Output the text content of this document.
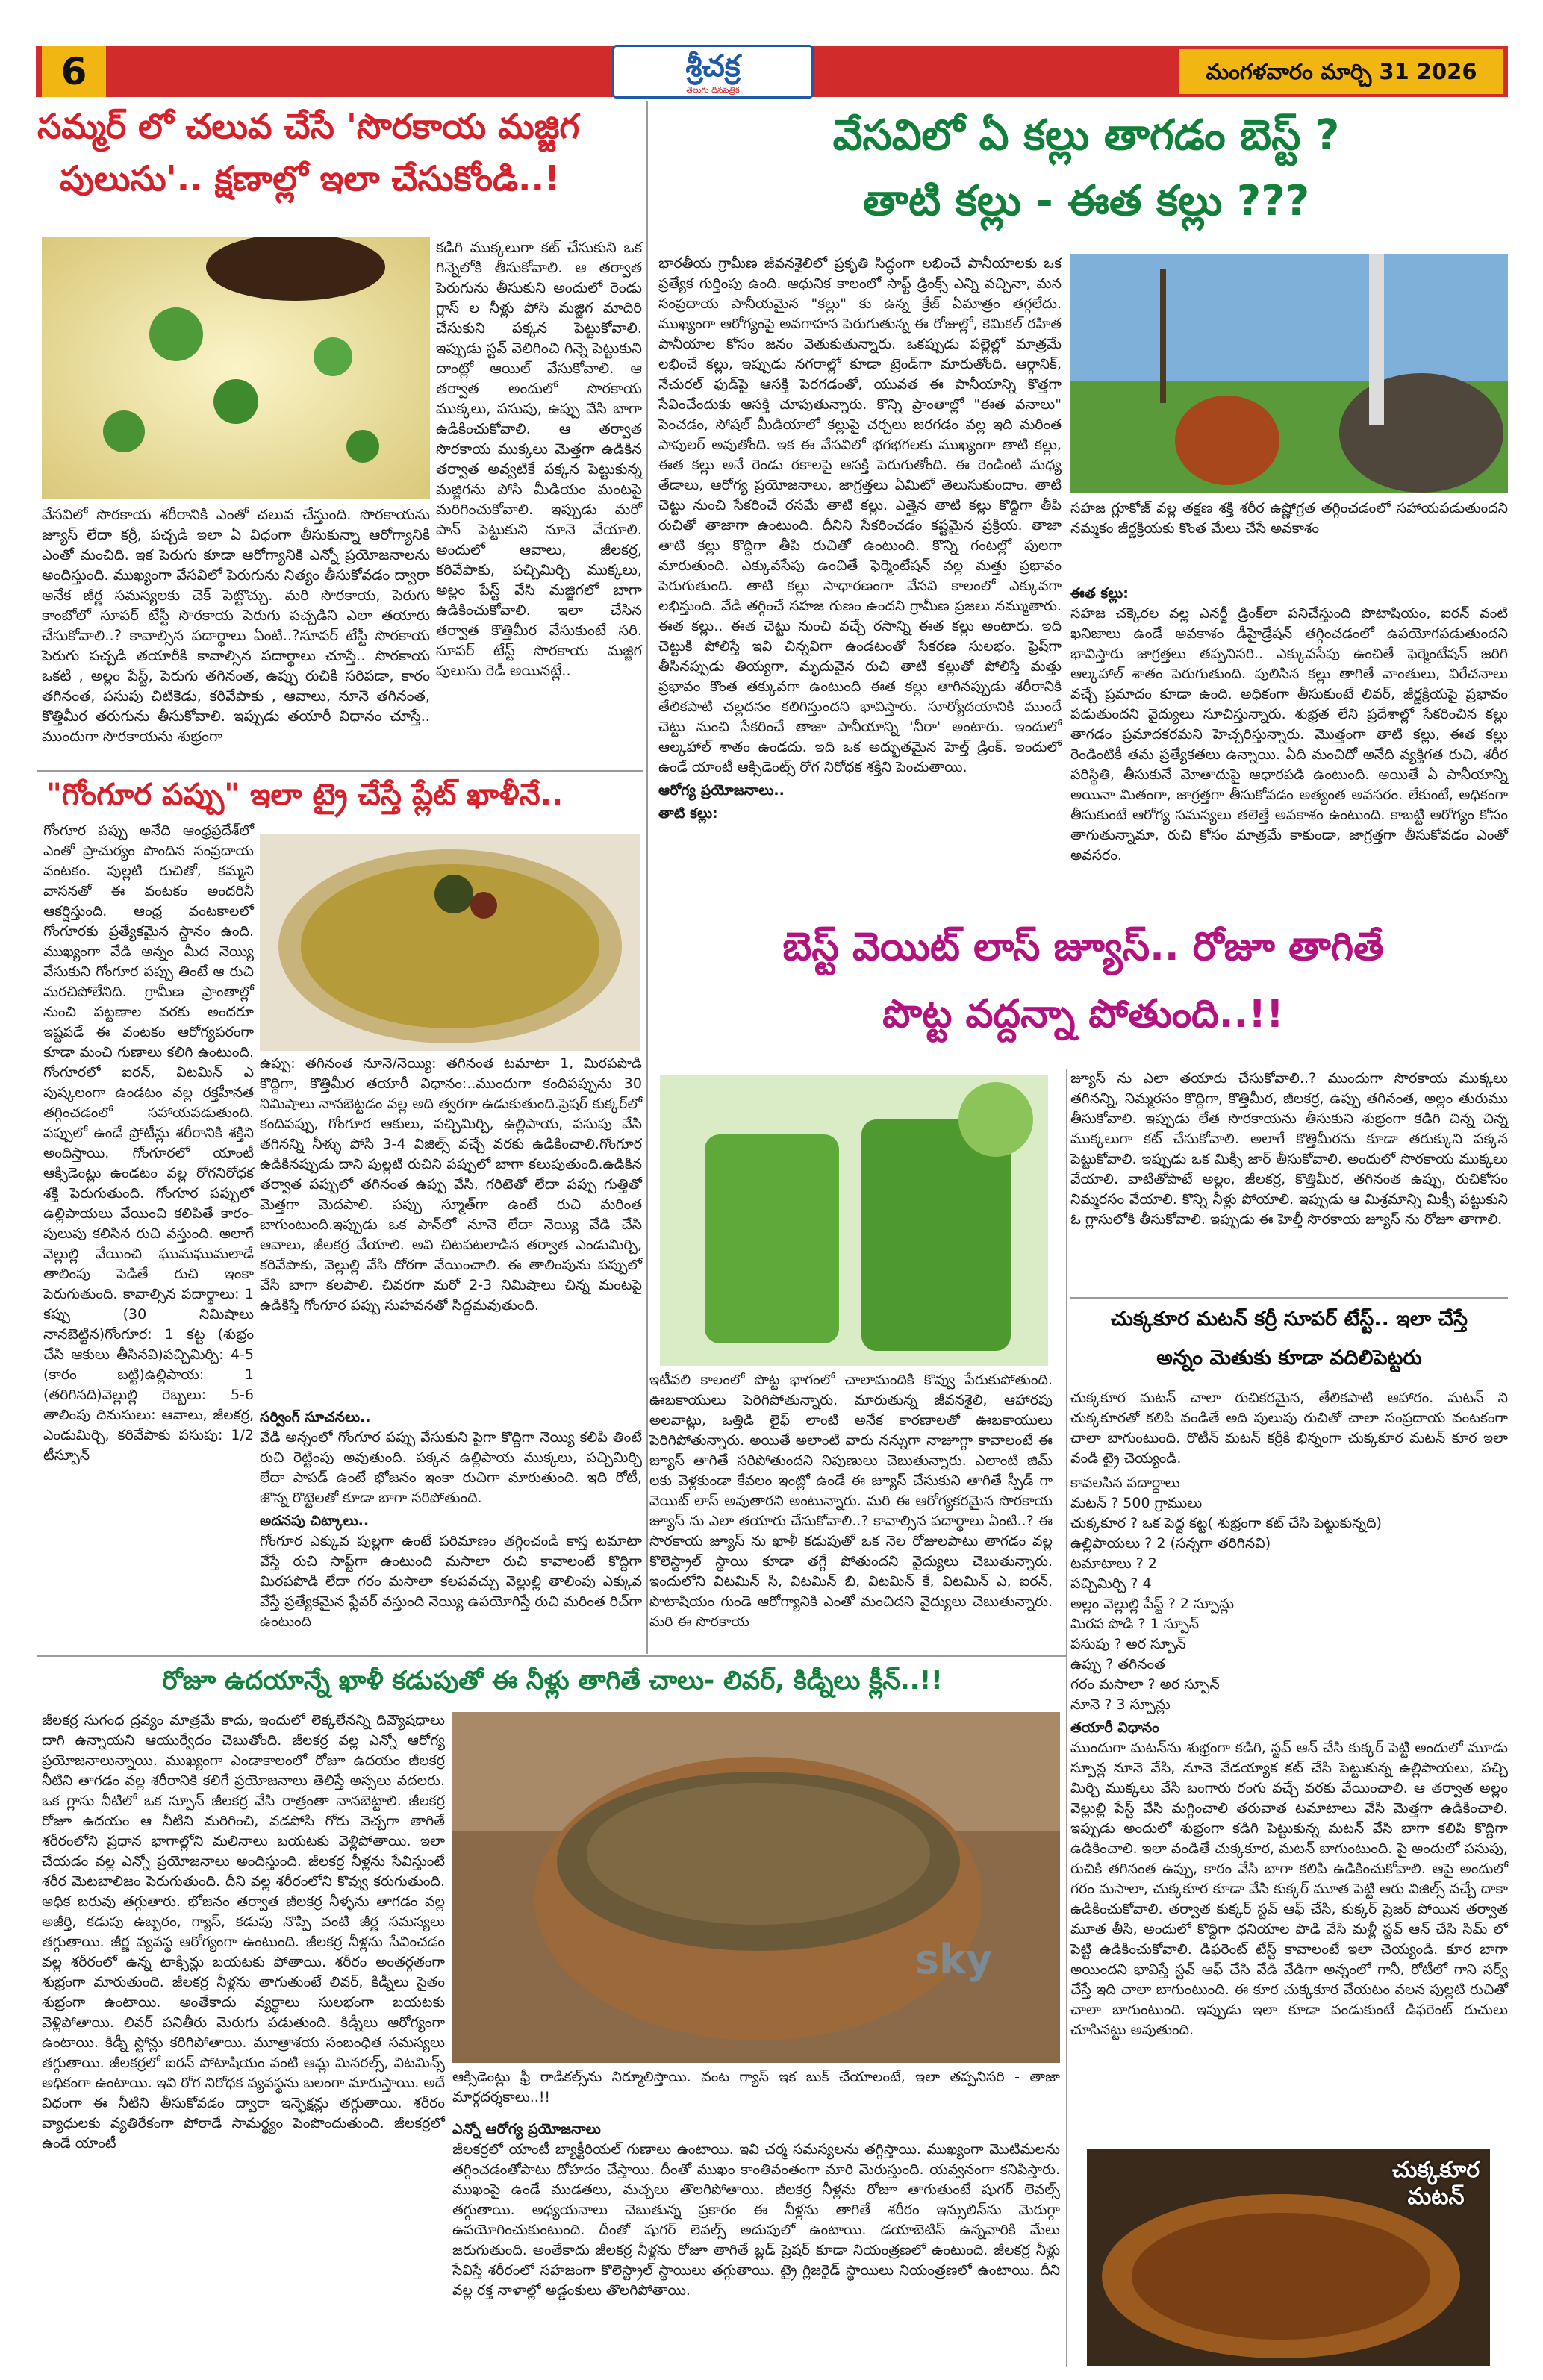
6	శ్రీచక్ర
తెలుగు దినపత్రిక
మంగళవారం మార్చి 31 2026
సమ్మర్ లో చలువ చేసే 'సొరకాయ మజ్జిగ
పులుసు'.. క్షణాల్లో ఇలా చేసుకోండి..!
కడిగి ముక్కలుగా కట్ చేసుకుని ఒక గిన్నెలోకి తీసుకోవాలి. ఆ తర్వాత పెరుగును తీసుకుని అందులో రెండు గ్లాస్ ల నీళ్లు పోసి మజ్జిగ మాదిరి చేసుకుని పక్కన పెట్టుకోవాలి. ఇప్పుడు స్టవ్ వెలిగించి గిన్నె పెట్టుకుని దాంట్లో ఆయిల్ వేసుకోవాలి. ఆ తర్వాత అందులో సొరకాయ ముక్కలు, పసుపు, ఉప్పు వేసి బాగా ఉడికించుకోవాలి. ఆ తర్వాత సొరకాయ ముక్కలు మెత్తగా ఉడికిన తర్వాత అవ్వటికే పక్కన పెట్టుకున్న మజ్జిగను పోసి మీడియం మంటపై మరిగించుకోవాలి. ఇప్పుడు మరో పాన్ పెట్టుకుని నూనె వేయాలి. అందులో ఆవాలు, జీలకర్ర, కరివేపాకు, పచ్చిమిర్చి ముక్కలు, అల్లం పేస్ట్ వేసి మజ్జిగలో బాగా ఉడికించుకోవాలి. ఇలా చేసిన తర్వాత కొత్తిమీర వేసుకుంటే సరి. సూపర్ టేస్ట్ సొరకాయ మజ్జిగ పులుసు రెడీ అయినట్లే..
వేసవిలో సొరకాయ శరీరానికి ఎంతో చలువ చేస్తుంది. సొరకాయను జ్యూస్ లేదా కర్రీ, పచ్చడి ఇలా ఏ విధంగా తీసుకున్నా ఆరోగ్యానికి ఎంతో మంచిది. ఇక పెరుగు కూడా ఆరోగ్యానికి ఎన్నో ప్రయోజనాలను అందిస్తుంది. ముఖ్యంగా వేసవిలో పెరుగును నిత్యం తీసుకోవడం ద్వారా అనేక జీర్ణ సమస్యలకు చెక్ పెట్టొచ్చు. మరి సొరకాయ, పెరుగు కాంబోలో సూపర్ టేస్టీ సొరకాయ పెరుగు పచ్చడిని ఎలా తయారు చేసుకోవాలి..? కావాల్సిన పదార్థాలు ఏంటి..?సూపర్ టేస్టీ సొరకాయ పెరుగు పచ్చడి తయారీకి కావాల్సిన పదార్థాలు చూస్తే.. సొరకాయ ఒకటి , అల్లం పేస్ట్, పెరుగు తగినంత, ఉప్పు రుచికి సరిపడా, కారం తగినంత, పసుపు చిటికెడు, కరివేపాకు , ఆవాలు, నూనె తగినంత, కొత్తిమీర తరుగును తీసుకోవాలి. ఇప్పుడు తయారీ విధానం చూస్తే.. ముందుగా సొరకాయను శుభ్రంగా
"గోంగూర పప్పు" ఇలా ట్రై చేస్తే ప్లేట్ ఖాళీనే..
గోంగూర పప్పు అనేది ఆంధ్రప్రదేశ్‌లో ఎంతో ప్రాచుర్యం పొందిన సంప్రదాయ వంటకం. పుల్లటి రుచితో, కమ్మని వాసనతో ఈ వంటకం అందరినీ ఆకర్షిస్తుంది. ఆంధ్ర వంటకాలలో గోంగూరకు ప్రత్యేకమైన స్థానం ఉంది. ముఖ్యంగా వేడి అన్నం మీద నెయ్యి వేసుకుని గోంగూర పప్పు తింటే ఆ రుచి మరచిపోలేనిది. గ్రామీణ ప్రాంతాల్లో నుంచి పట్టణాల వరకు అందరూ ఇష్టపడే ఈ వంటకం ఆరోగ్యపరంగా కూడా మంచి గుణాలు కలిగి ఉంటుంది. గోంగూరలో ఐరన్, విటమిన్ ఎ పుష్కలంగా ఉండటం వల్ల రక్తహీనత తగ్గించడంలో సహాయపడుతుంది. పప్పులో ఉండే ప్రోటీన్లు శరీరానికి శక్తిని అందిస్తాయి. గోంగూరలో యాంటీ ఆక్సిడెంట్లు ఉండటం వల్ల రోగనిరోధక శక్తి పెరుగుతుంది. గోంగూర పప్పులో ఉల్లిపాయలు వేయించి కలిపితే కారం-పులుపు కలిసిన రుచి వస్తుంది. అలాగే వెల్లుల్లి వేయించి ఘుమఘుమలాడే తాలింపు పెడితే రుచి ఇంకా పెరుగుతుంది. కావాల్సిన పదార్థాలు: 1 కప్పు (30 నిమిషాలు నానబెట్టిన)గోంగూర: 1 కట్ట (శుభ్రం చేసి ఆకులు తీసినవి)పచ్చిమిర్చి: 4-5 (కారం బట్టి)ఉల్లిపాయ: 1 (తరిగినది)వెల్లుల్లి రెబ్బలు: 5-6 తాలింపు దినుసులు: ఆవాలు, జీలకర్ర, ఎండుమిర్చి, కరివేపాకు పసుపు: 1/2 టీస్పూన్
ఉప్పు: తగినంత నూనె/నెయ్యి: తగినంత టమాటా 1, మిరపపొడి కొద్దిగా, కొత్తిమీర తయారీ విధానం:..ముందుగా కందిపప్పును 30 నిమిషాలు నానబెట్టడం వల్ల అది త్వరగా ఉడుకుతుంది.ప్రెషర్ కుక్కర్‌లో కందిపప్పు, గోంగూర ఆకులు, పచ్చిమిర్చి, ఉల్లిపాయ, పసుపు వేసి తగినన్ని నీళ్ళు పోసి 3-4 విజిల్స్ వచ్చే వరకు ఉడికించాలి.గోంగూర ఉడికినప్పుడు దాని పుల్లటి రుచిని పప్పులో బాగా కలుపుతుంది.ఉడికిన తర్వాత పప్పులో తగినంత ఉప్పు వేసి, గరిటెతో లేదా పప్పు గుత్తితో మెత్తగా మెదపాలి. పప్పు స్మూత్‌గా ఉంటే రుచి మరింత బాగుంటుంది.ఇప్పుడు ఒక పాన్‌లో నూనె లేదా నెయ్యి వేడి చేసి ఆవాలు, జీలకర్ర వేయాలి. అవి చిటపటలాడిన తర్వాత ఎండుమిర్చి, కరివేపాకు, వెల్లుల్లి వేసి దోరగా వేయించాలి. ఈ తాలింపును పప్పులో వేసి బాగా కలపాలి. చివరగా మరో 2-3 నిమిషాలు చిన్న మంటపై ఉడికిస్తే గోంగూర పప్పు సుహవనతో సిద్ధమవుతుంది.
సర్వింగ్ సూచనలు..
వేడి అన్నంలో గోంగూర పప్పు వేసుకుని పైగా కొద్దిగా నెయ్యి కలిపి తింటే రుచి రెట్టింపు అవుతుంది. పక్కన ఉల్లిపాయ ముక్కలు, పచ్చిమిర్చి లేదా పాపడ్ ఉంటే భోజనం ఇంకా రుచిగా మారుతుంది. ఇది రోటీ, జొన్న రొట్టెలతో కూడా బాగా సరిపోతుంది.
అదనపు చిట్కాలు..
గోంగూర ఎక్కువ పుల్లగా ఉంటే పరిమాణం తగ్గించండి కాస్త టమాటా వేస్తే రుచి సాఫ్ట్‌గా ఉంటుంది మసాలా రుచి కావాలంటే కొద్దిగా మిరపపొడి లేదా గరం మసాలా కలపవచ్చు వెల్లుల్లి తాలింపు ఎక్కువ వేస్తే ప్రత్యేకమైన ఫ్లేవర్ వస్తుంది నెయ్యి ఉపయోగిస్తే రుచి మరింత రిచ్‌గా ఉంటుంది
వేసవిలో ఏ కల్లు తాగడం బెస్ట్ ?
తాటి కల్లు - ఈత కల్లు ???
భారతీయ గ్రామీణ జీవనశైలిలో ప్రకృతి సిద్ధంగా లభించే పానీయాలకు ఒక ప్రత్యేక గుర్తింపు ఉంది. ఆధునిక కాలంలో సాఫ్ట్ డ్రింక్స్ ఎన్ని వచ్చినా, మన సంప్రదాయ పానీయమైన "కల్లు" కు ఉన్న క్రేజ్ ఏమాత్రం తగ్గలేదు. ముఖ్యంగా ఆరోగ్యంపై అవగాహన పెరుగుతున్న ఈ రోజుల్లో, కెమికల్ రహిత పానీయాల కోసం జనం వెతుకుతున్నారు. ఒకప్పుడు పల్లెల్లో మాత్రమే లభించే కల్లు, ఇప్పుడు నగరాల్లో కూడా ట్రెండ్‌గా మారుతోంది. ఆర్గానిక్, నేచురల్ ఫుడ్‌పై ఆసక్తి పెరగడంతో, యువత ఈ పానీయాన్ని కొత్తగా సేవించేందుకు ఆసక్తి చూపుతున్నారు. కొన్ని ప్రాంతాల్లో "ఈత వనాలు" పెంచడం, సోషల్ మీడియాలో కల్లుపై చర్చలు జరగడం వల్ల ఇది మరింత పాపులర్ అవుతోంది. ఇక ఈ వేసవిలో భగభగలకు ముఖ్యంగా తాటి కల్లు, ఈత కల్లు అనే రెండు రకాలపై ఆసక్తి పెరుగుతోంది. ఈ రెండింటి మధ్య తేడాలు, ఆరోగ్య ప్రయోజనాలు, జాగ్రత్తలు ఏమిటో తెలుసుకుందాం. తాటి చెట్టు నుంచి సేకరించే రసమే తాటి కల్లు. ఎత్తైన తాటి కల్లు కొద్దిగా తీపి రుచితో తాజాగా ఉంటుంది. దీనిని సేకరించడం కష్టమైన ప్రక్రియ. తాజా తాటి కల్లు కొద్దిగా తీపి రుచితో ఉంటుంది. కొన్ని గంటల్లో పులగా మారుతుంది. ఎక్కువసేపు ఉంచితే ఫెర్మెంటేషన్ వల్ల మత్తు ప్రభావం పెరుగుతుంది. తాటి కల్లు సాధారణంగా వేసవి కాలంలో ఎక్కువగా లభిస్తుంది. వేడి తగ్గించే సహజ గుణం ఉందని గ్రామీణ ప్రజలు నమ్ముతారు. ఈత కల్లు.. ఈత చెట్టు నుంచి వచ్చే రసాన్ని ఈత కల్లు అంటారు. ఇది చెట్టుకి పోలిస్తే ఇవి చిన్నవిగా ఉండటంతో సేకరణ సులభం. ఫ్రెష్‌గా తీసినప్పుడు తియ్యగా, మృదువైన రుచి తాటి కల్లుతో పోలిస్తే మత్తు ప్రభావం కొంత తక్కువగా ఉంటుంది ఈత కల్లు తాగినప్పుడు శరీరానికి తేలికపాటి చల్లదనం కలిగిస్తుందని భావిస్తారు. సూర్యోదయానికి ముందే చెట్టు నుంచి సేకరించే తాజా పానీయాన్ని 'నీరా' అంటారు. ఇందులో ఆల్కహాల్ శాతం ఉండదు. ఇది ఒక అద్భుతమైన హెల్త్ డ్రింక్. ఇందులో ఉండే యాంటీ ఆక్సిడెంట్స్ రోగ నిరోధక శక్తిని పెంచుతాయి.
ఆరోగ్య ప్రయోజనాలు..
తాటి కల్లు:
సహజ గ్లూకోజ్ వల్ల తక్షణ శక్తి శరీర ఉష్ణోగ్రత తగ్గించడంలో సహాయపడుతుందని నమ్మకం జీర్ణక్రియకు కొంత మేలు చేసే అవకాశం
ఈత కల్లు:
సహజ చక్కెరల వల్ల ఎనర్జీ డ్రింక్‌లా పనిచేస్తుంది పొటాషియం, ఐరన్ వంటి ఖనిజాలు ఉండే అవకాశం డీహైడ్రేషన్ తగ్గించడంలో ఉపయోగపడుతుందని భావిస్తారు జాగ్రత్తలు తప్పనిసరి.. ఎక్కువసేపు ఉంచితే ఫెర్మెంటేషన్ జరిగి ఆల్కహాల్ శాతం పెరుగుతుంది. పులిసిన కల్లు తాగితే వాంతులు, విరేచనాలు వచ్చే ప్రమాదం కూడా ఉంది. అధికంగా తీసుకుంటే లివర్, జీర్ణక్రియపై ప్రభావం పడుతుందని వైద్యులు సూచిస్తున్నారు. శుభ్రత లేని ప్రదేశాల్లో సేకరించిన కల్లు తాగడం ప్రమాదకరమని హెచ్చరిస్తున్నారు. మొత్తంగా తాటి కల్లు, ఈత కల్లు రెండింటికీ తమ ప్రత్యేకతలు ఉన్నాయి. ఏది మంచిదో అనేది వ్యక్తిగత రుచి, శరీర పరిస్థితి, తీసుకునే మోతాదుపై ఆధారపడి ఉంటుంది. అయితే ఏ పానీయాన్ని అయినా మితంగా, జాగ్రత్తగా తీసుకోవడం అత్యంత అవసరం. లేకుంటే, అధికంగా తీసుకుంటే ఆరోగ్య సమస్యలు తలెత్తే అవకాశం ఉంటుంది. కాబట్టి ఆరోగ్యం కోసం తాగుతున్నామా, రుచి కోసం మాత్రమే కాకుండా, జాగ్రత్తగా తీసుకోవడం ఎంతో అవసరం.
బెస్ట్ వెయిట్ లాస్ జ్యూస్.. రోజూ తాగితే
పొట్ట వద్దన్నా పోతుంది..!!
ఇటీవలి కాలంలో పొట్ట భాగంలో చాలామందికి కొవ్వు పేరుకుపోతుంది. ఊబకాయులు పెరిగిపోతున్నారు. మారుతున్న జీవనశైలి, ఆహారపు అలవాట్లు, ఒత్తిడి లైఫ్ లాంటి అనేక కారణాలతో ఊబకాయులు పెరిగిపోతున్నారు. అయితే అలాంటి వారు నన్నుగా నాజూగ్గా కావాలంటే ఈ జ్యూస్ తాగితే సరిపోతుందని నిపుణులు చెబుతున్నారు. ఎలాంటి జిమ్ లకు వెళ్లకుండా కేవలం ఇంట్లో ఉండే ఈ జ్యూస్ చేసుకుని తాగితే స్పీడ్ గా వెయిట్ లాస్ అవుతారని అంటున్నారు. మరి ఈ ఆరోగ్యకరమైన సొరకాయ జ్యూస్ ను ఎలా తయారు చేసుకోవాలి..? కావాల్సిన పదార్థాలు ఏంటి..? ఈ సొరకాయ జ్యూస్ ను ఖాళీ కడుపుతో ఒక నెల రోజులపాటు తాగడం వల్ల కొలెస్ట్రాల్ స్థాయి కూడా తగ్గే పోతుందని వైద్యులు చెబుతున్నారు. ఇందులోని విటమిన్ సి, విటమిన్ బి, విటమిన్ కే, విటమిన్ ఎ, ఐరన్, పొటాషియం గుండె ఆరోగ్యానికి ఎంతో మంచిదని వైద్యులు చెబుతున్నారు. మరి ఈ సొరకాయ
జ్యూస్ ను ఎలా తయారు చేసుకోవాలి..? ముందుగా సొరకాయ ముక్కలు తగినన్ని, నిమ్మరసం కొద్దిగా, కొత్తిమీర, జీలకర్ర, ఉప్పు తగినంత, అల్లం తురుము తీసుకోవాలి. ఇప్పుడు లేత సొరకాయను తీసుకుని శుభ్రంగా కడిగి చిన్న చిన్న ముక్కలుగా కట్ చేసుకోవాలి. అలాగే కొత్తిమీరను కూడా తరుక్కుని పక్కన పెట్టుకోవాలి. ఇప్పుడు ఒక మిక్సీ జార్ తీసుకోవాలి. అందులో సొరకాయ ముక్కలు వేయాలి. వాటితోపాటే అల్లం, జీలకర్ర, కొత్తిమీర, తగినంత ఉప్పు, రుచికోసం నిమ్మరసం వేయాలి. కొన్ని నీళ్లు పోయాలి. ఇప్పుడు ఆ మిశ్రమాన్ని మిక్సీ పట్టుకుని ఓ గ్లాసులోకి తీసుకోవాలి. ఇప్పుడు ఈ హెల్తీ సొరకాయ జ్యూస్ ను రోజూ తాగాలి.
చుక్కకూర మటన్ కర్రీ సూపర్ టేస్ట్.. ఇలా చేస్తే
అన్నం మెతుకు కూడా వదిలిపెట్టరు

చుక్కకూర మటన్ చాలా రుచికరమైన, తేలికపాటి ఆహారం. మటన్ ని చుక్కకూరతో కలిపి వండితే అది పులుపు రుచితో చాలా సంప్రదాయ వంటకంగా చాలా బాగుంటుంది. రొటీన్ మటన్ కర్రీకి భిన్నంగా చుక్కకూర మటన్ కూర ఇలా వండి ట్రై చెయ్యండి.

కావలసిన పదార్ధాలు
మటన్ ? 500 గ్రాములు
చుక్కకూర ? ఒక పెద్ద కట్ట( శుభ్రంగా కట్ చేసి పెట్టుకున్నది)
ఉల్లిపాయలు ? 2 (సన్నగా తరిగినవి)
టమాటాలు ? 2
పచ్చిమిర్చి ? 4
అల్లం వెల్లుల్లి పేస్ట్ ? 2 స్పూన్లు
మిరప పొడి ? 1 స్పూన్
పసుపు ? అర స్పూన్
ఉప్పు ? తగినంత
గరం మసాలా ? అర స్పూన్
నూనె ? 3 స్పూన్లు
తయారీ విధానం
ముందుగా మటన్‌ను శుభ్రంగా కడిగి, స్టవ్ ఆన్ చేసి కుక్కర్ పెట్టి అందులో మూడు స్పూన్ల నూనె వేసి, నూనె వేడయ్యాక కట్ చేసి పెట్టుకున్న ఉల్లిపాయలు, పచ్చి మిర్చి ముక్కలు వేసి బంగారు రంగు వచ్చే వరకు వేయించాలి. ఆ తర్వాత అల్లం వెల్లుల్లి పేస్ట్ వేసి మగ్గించాలి తరువాత టమాటాలు వేసి మెత్తగా ఉడికించాలి. ఇప్పుడు అందులో శుభ్రంగా కడిగి పెట్టుకున్న మటన్ వేసి బాగా కలిపి కొద్దిగా ఉడికించాలి. ఇలా వండితే చుక్కకూర, మటన్ బాగుంటుంది. పై అందులో పసుపు, రుచికి తగినంత ఉప్పు, కారం వేసి బాగా కలిపి ఉడికించుకోవాలి. ఆపై అందులో గరం మసాలా, చుక్కకూర కూడా వేసి కుక్కర్ మూత పెట్టి ఆరు విజిల్స్ వచ్చే దాకా ఉడికించుకోవాలి. తర్వాత కుక్కర్ స్టవ్ ఆఫ్ చేసి, కుక్కర్ ప్రెజర్ పోయిన తర్వాత మూత తీసి, అందులో కొద్దిగా ధనియాల పొడి వేసి మళ్లీ స్టవ్ ఆన్ చేసి సిమ్ లో పెట్టి ఉడికించుకోవాలి. డిఫరెంట్ టేస్ట్ కావాలంటే ఇలా చెయ్యండి. కూర బాగా అయిందని భావిస్తే స్టవ్ ఆఫ్ చేసి వేడి వేడిగా అన్నంలో గానీ, రోటీలో గాని సర్వ్ చేస్తే ఇది చాలా బాగుంటుంది. ఈ కూర చుక్కకూర వేయటం వలన పుల్లటి రుచితో చాలా బాగుంటుంది. ఇప్పుడు ఇలా కూడా వండుకుంటే డిఫరెంట్ రుచులు చూసినట్టు అవుతుంది.
చుక్కకూర
మటన్
రోజూ ఉదయాన్నే ఖాళీ కడుపుతో ఈ నీళ్లు తాగితే చాలు- లివర్, కిడ్నీలు క్లీన్..!!
జీలకర్ర సుగంధ ద్రవ్యం మాత్రమే కాదు, ఇందులో లెక్కలేనన్ని దివ్యౌషధాలు దాగి ఉన్నాయని ఆయుర్వేదం చెబుతోంది. జీలకర్ర వల్ల ఎన్నో ఆరోగ్య ప్రయోజనాలున్నాయి. ముఖ్యంగా ఎండాకాలంలో రోజూ ఉదయం జీలకర్ర నీటిని తాగడం వల్ల శరీరానికి కలిగే ప్రయోజనాలు తెలిస్తే అస్సలు వదలరు. ఒక గ్లాసు నీటిలో ఒక స్పూన్ జీలకర్ర వేసి రాత్రంతా నానబెట్టాలి. జీలకర్ర రోజూ ఉదయం ఆ నీటిని మరిగించి, వడపోసి గోరు వెచ్చగా తాగితే శరీరంలోని ప్రధాన భాగాల్లోని మలినాలు బయటకు వెళ్లిపోతాయి. ఇలా చేయడం వల్ల ఎన్నో ప్రయోజనాలు అందిస్తుంది. జీలకర్ర నీళ్లను సేవిస్తుంటే శరీర మెటబాలిజం పెరుగుతుంది. దీని వల్ల శరీరంలోని కొవ్వు కరుగుతుంది. అధిక బరువు తగ్గుతారు. భోజనం తర్వాత జీలకర్ర నీళ్ళను తాగడం వల్ల అజీర్తి, కడుపు ఉబ్బరం, గ్యాస్, కడుపు నొప్పి వంటి జీర్ణ సమస్యలు తగ్గుతాయి. జీర్ణ వ్యవస్థ ఆరోగ్యంగా ఉంటుంది. జీలకర్ర నీళ్లను సేవించడం వల్ల శరీరంలో ఉన్న టాక్సిన్లు బయటకు పోతాయి. శరీరం అంతర్గతంగా శుభ్రంగా మారుతుంది. జీలకర్ర నీళ్లను తాగుతుంటే లివర్, కిడ్నీలు సైతం శుభ్రంగా ఉంటాయి. అంతేకాదు వ్యర్థాలు సులభంగా బయటకు వెళ్లిపోతాయి. లివర్ పనితీరు మెరుగు పడుతుంది. కిడ్నీలు ఆరోగ్యంగా ఉంటాయి. కిడ్నీ స్టోన్లు కరిగిపోతాయి. మూత్రాశయ సంబంధిత సమస్యలు తగ్గుతాయి. జీలకర్రలో ఐరన్ పోటాషియం వంటి ఆమ్ల మినరల్స్, విటమిన్స్ అధికంగా ఉంటాయి. ఇవి రోగ నిరోధక వ్యవస్థను బలంగా మారుస్తాయి. అదే విధంగా ఈ నీటిని తీసుకోవడం ద్వారా ఇన్ఫెక్షన్లు తగ్గుతాయి. శరీరం వ్యాధులకు వ్యతిరేకంగా పోరాడే సామర్థ్యం పెంపొందుతుంది. జీలకర్రలో ఉండే యాంటీ
sky
ఆక్సిడెంట్లు ఫ్రీ రాడికల్స్‌ను నిర్మూలిస్తాయి. వంట గ్యాస్ ఇక బుక్ చేయాలంటే, ఇలా తప్పనిసరి - తాజా మార్గదర్శకాలు..!!
ఎన్నో ఆరోగ్య ప్రయోజనాలు
జీలకర్రలో యాంటీ బ్యాక్టీరియల్ గుణాలు ఉంటాయి. ఇవి చర్మ సమస్యలను తగ్గిస్తాయి. ముఖ్యంగా మొటిమలను తగ్గించడంతోపాటు దోహదం చేస్తాయి. దీంతో ముఖం కాంతివంతంగా మారి మెరుస్తుంది. యవ్వనంగా కనిపిస్తారు. ముఖంపై ఉండే ముడతలు, మచ్చలు తొలగిపోతాయి. జీలకర్ర నీళ్లను రోజూ తాగుతుంటే షుగర్ లెవల్స్ తగ్గుతాయి. అధ్యయనాలు చెబుతున్న ప్రకారం ఈ నీళ్లను తాగితే శరీరం ఇన్సులిన్‌ను మెరుగ్గా ఉపయోగించుకుంటుంది. దీంతో షుగర్ లెవల్స్ అదుపులో ఉంటాయి. డయాబెటిస్ ఉన్నవారికి మేలు జరుగుతుంది. అంతేకాదు జీలకర్ర నీళ్లను రోజూ తాగితే బ్లడ్ ప్రెషర్ కూడా నియంత్రణలో ఉంటుంది. జీలకర్ర నీళ్లు సేవిస్తే శరీరంలో సహజంగా కొలెస్ట్రాల్ స్థాయిలు తగ్గుతాయి. ట్రై గ్లిజరైడ్ స్థాయిలు నియంత్రణలో ఉంటాయి. దీని వల్ల రక్త నాళాల్లో అడ్డంకులు తొలగిపోతాయి.
